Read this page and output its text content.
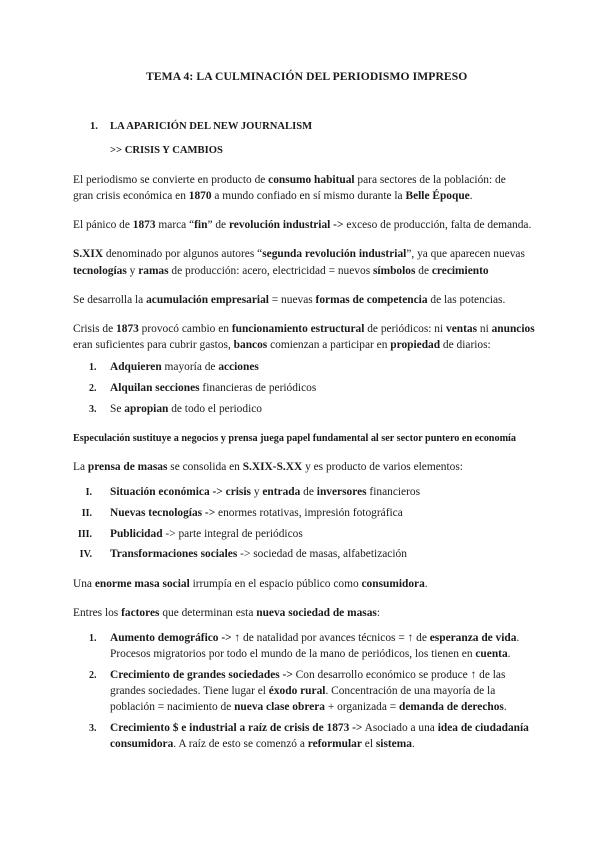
TEMA 4: LA CULMINACIÓN DEL PERIODISMO IMPRESO
1. LA APARICIÓN DEL NEW JOURNALISM
>> CRISIS Y CAMBIOS
El periodismo se convierte en producto de consumo habitual para sectores de la población: de
gran crisis económica en 1870 a mundo confiado en sí mismo durante la Belle Époque.
El pánico de 1873 marca “fin” de revolución industrial -> exceso de producción, falta de demanda.
S.XIX denominado por algunos autores “segunda revolución industrial”, ya que aparecen nuevas
tecnologías y ramas de producción: acero, electricidad = nuevos símbolos de crecimiento
Se desarrolla la acumulación empresarial = nuevas formas de competencia de las potencias.
Crisis de 1873 provocó cambio en funcionamiento estructural de periódicos: ni ventas ni anuncios
eran suficientes para cubrir gastos, bancos comienzan a participar en propiedad de diarios:
1. Adquieren mayoría de acciones
2. Alquilan secciones financieras de periódicos
3. Se apropian de todo el periodico
Especulación sustituye a negocios y prensa juega papel fundamental al ser sector puntero en economía
La prensa de masas se consolida en S.XIX-S.XX y es producto de varios elementos:
I. Situación económica -> crisis y entrada de inversores financieros
II. Nuevas tecnologías -> enormes rotativas, impresión fotográfica
III. Publicidad -> parte integral de periódicos
IV. Transformaciones sociales -> sociedad de masas, alfabetización
Una enorme masa social irrumpía en el espacio público como consumidora.
Entres los factores que determinan esta nueva sociedad de masas:
1. Aumento demográfico -> ↑ de natalidad por avances técnicos = ↑ de esperanza de vida.
Procesos migratorios por todo el mundo de la mano de periódicos, los tienen en cuenta.
2. Crecimiento de grandes sociedades -> Con desarrollo económico se produce ↑ de las
grandes sociedades. Tiene lugar el éxodo rural. Concentración de una mayoría de la
población = nacimiento de nueva clase obrera + organizada = demanda de derechos.
3. Crecimiento $ e industrial a raíz de crisis de 1873 -> Asociado a una idea de ciudadanía
consumidora. A raíz de esto se comenzó a reformular el sistema.
